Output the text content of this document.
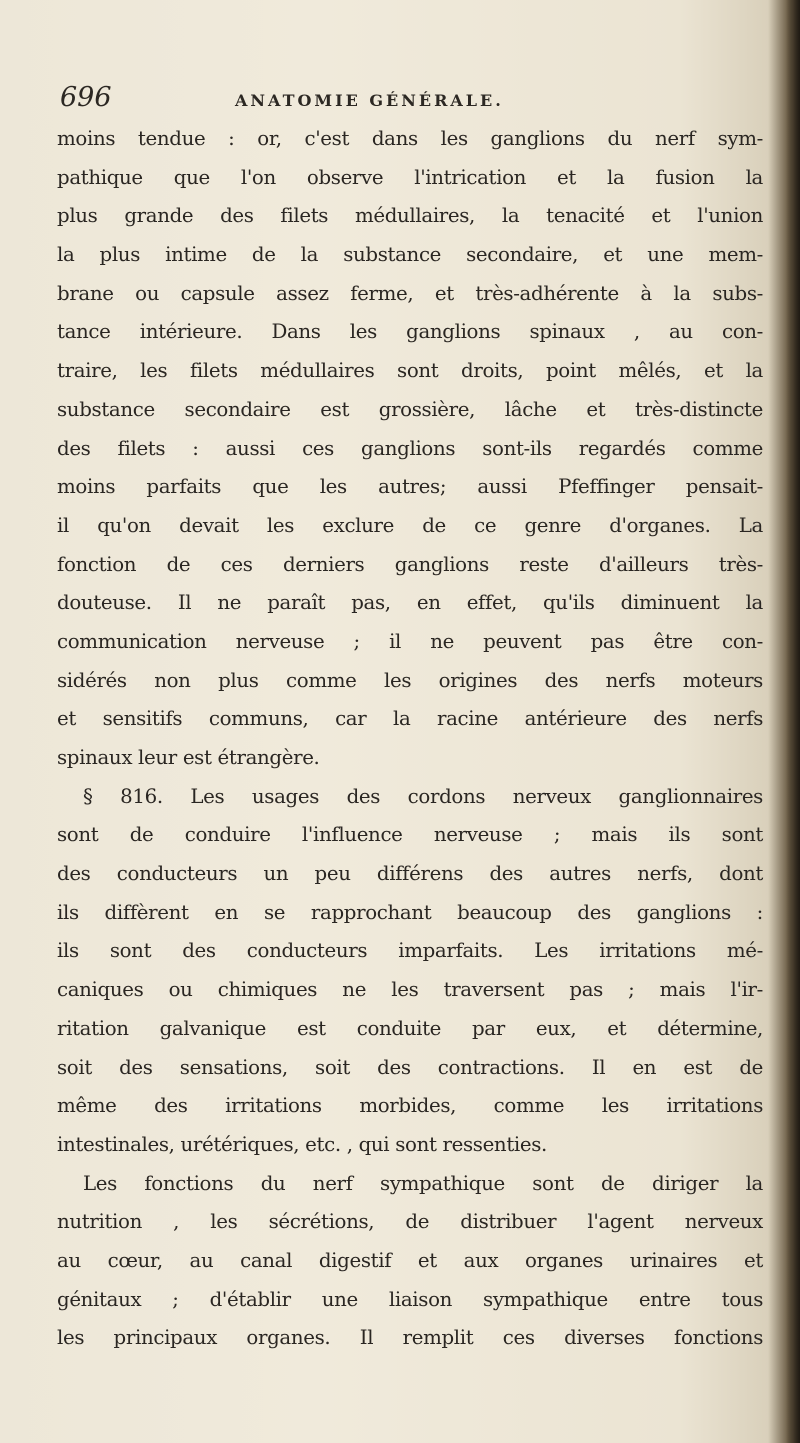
696	ANATOMIE GÉNÉRALE.
moins tendue : or, c'est dans les ganglions du nerf sym-
pathique que l'on observe l'intrication et la fusion la
plus grande des filets médullaires, la tenacité et l'union
la plus intime de la substance secondaire, et une mem-
brane ou capsule assez ferme, et très-adhérente à la subs-
tance intérieure. Dans les ganglions spinaux , au con-
traire, les filets médullaires sont droits, point mêlés, et la
substance secondaire est grossière, lâche et très-distincte
des filets : aussi ces ganglions sont-ils regardés comme
moins parfaits que les autres; aussi Pfeffinger pensait-
il qu'on devait les exclure de ce genre d'organes. La
fonction de ces derniers ganglions reste d'ailleurs très-
douteuse. Il ne paraît pas, en effet, qu'ils diminuent la
communication nerveuse ; il ne peuvent pas être con-
sidérés non plus comme les origines des nerfs moteurs
et sensitifs communs, car la racine antérieure des nerfs
spinaux leur est étrangère.
§ 816. Les usages des cordons nerveux ganglionnaires
sont de conduire l'influence nerveuse ; mais ils sont
des conducteurs un peu différens des autres nerfs, dont
ils diffèrent en se rapprochant beaucoup des ganglions :
ils sont des conducteurs imparfaits. Les irritations mé-
caniques ou chimiques ne les traversent pas ; mais l'ir-
ritation galvanique est conduite par eux, et détermine,
soit des sensations, soit des contractions. Il en est de
même des irritations morbides, comme les irritations
intestinales, urétériques, etc. , qui sont ressenties.
Les fonctions du nerf sympathique sont de diriger la
nutrition , les sécrétions, de distribuer l'agent nerveux
au cœur, au canal digestif et aux organes urinaires et
génitaux ; d'établir une liaison sympathique entre tous
les principaux organes. Il remplit ces diverses fonctions
